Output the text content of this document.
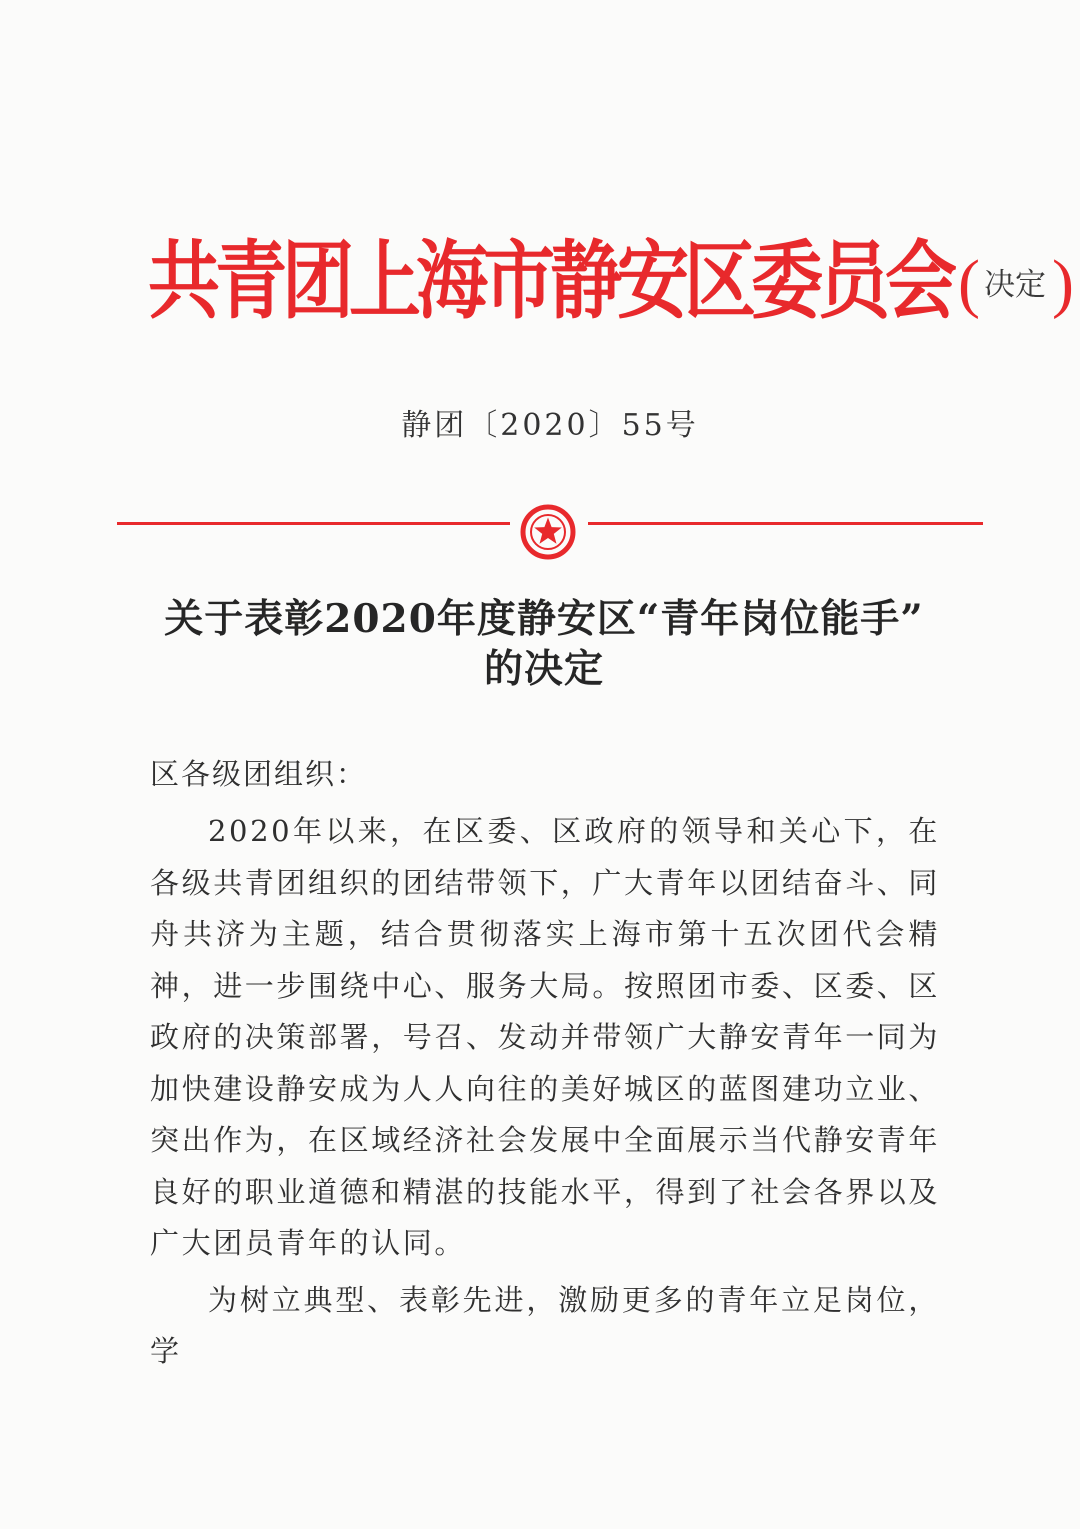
共青团上海市静安区委员会( 决定)
静团〔2020〕55号
关于表彰2020年度静安区“青年岗位能手”
的决定
区各级团组织：

2020年以来，在区委、区政府的领导和关心下，在各级共青团组织的团结带领下，广大青年以团结奋斗、同舟共济为主题，结合贯彻落实上海市第十五次团代会精神，进一步围绕中心、服务大局。按照团市委、区委、区政府的决策部署，号召、发动并带领广大静安青年一同为加快建设静安成为人人向往的美好城区的蓝图建功立业、突出作为，在区域经济社会发展中全面展示当代静安青年良好的职业道德和精湛的技能水平，得到了社会各界以及广大团员青年的认同。

为树立典型、表彰先进，激励更多的青年立足岗位，学
